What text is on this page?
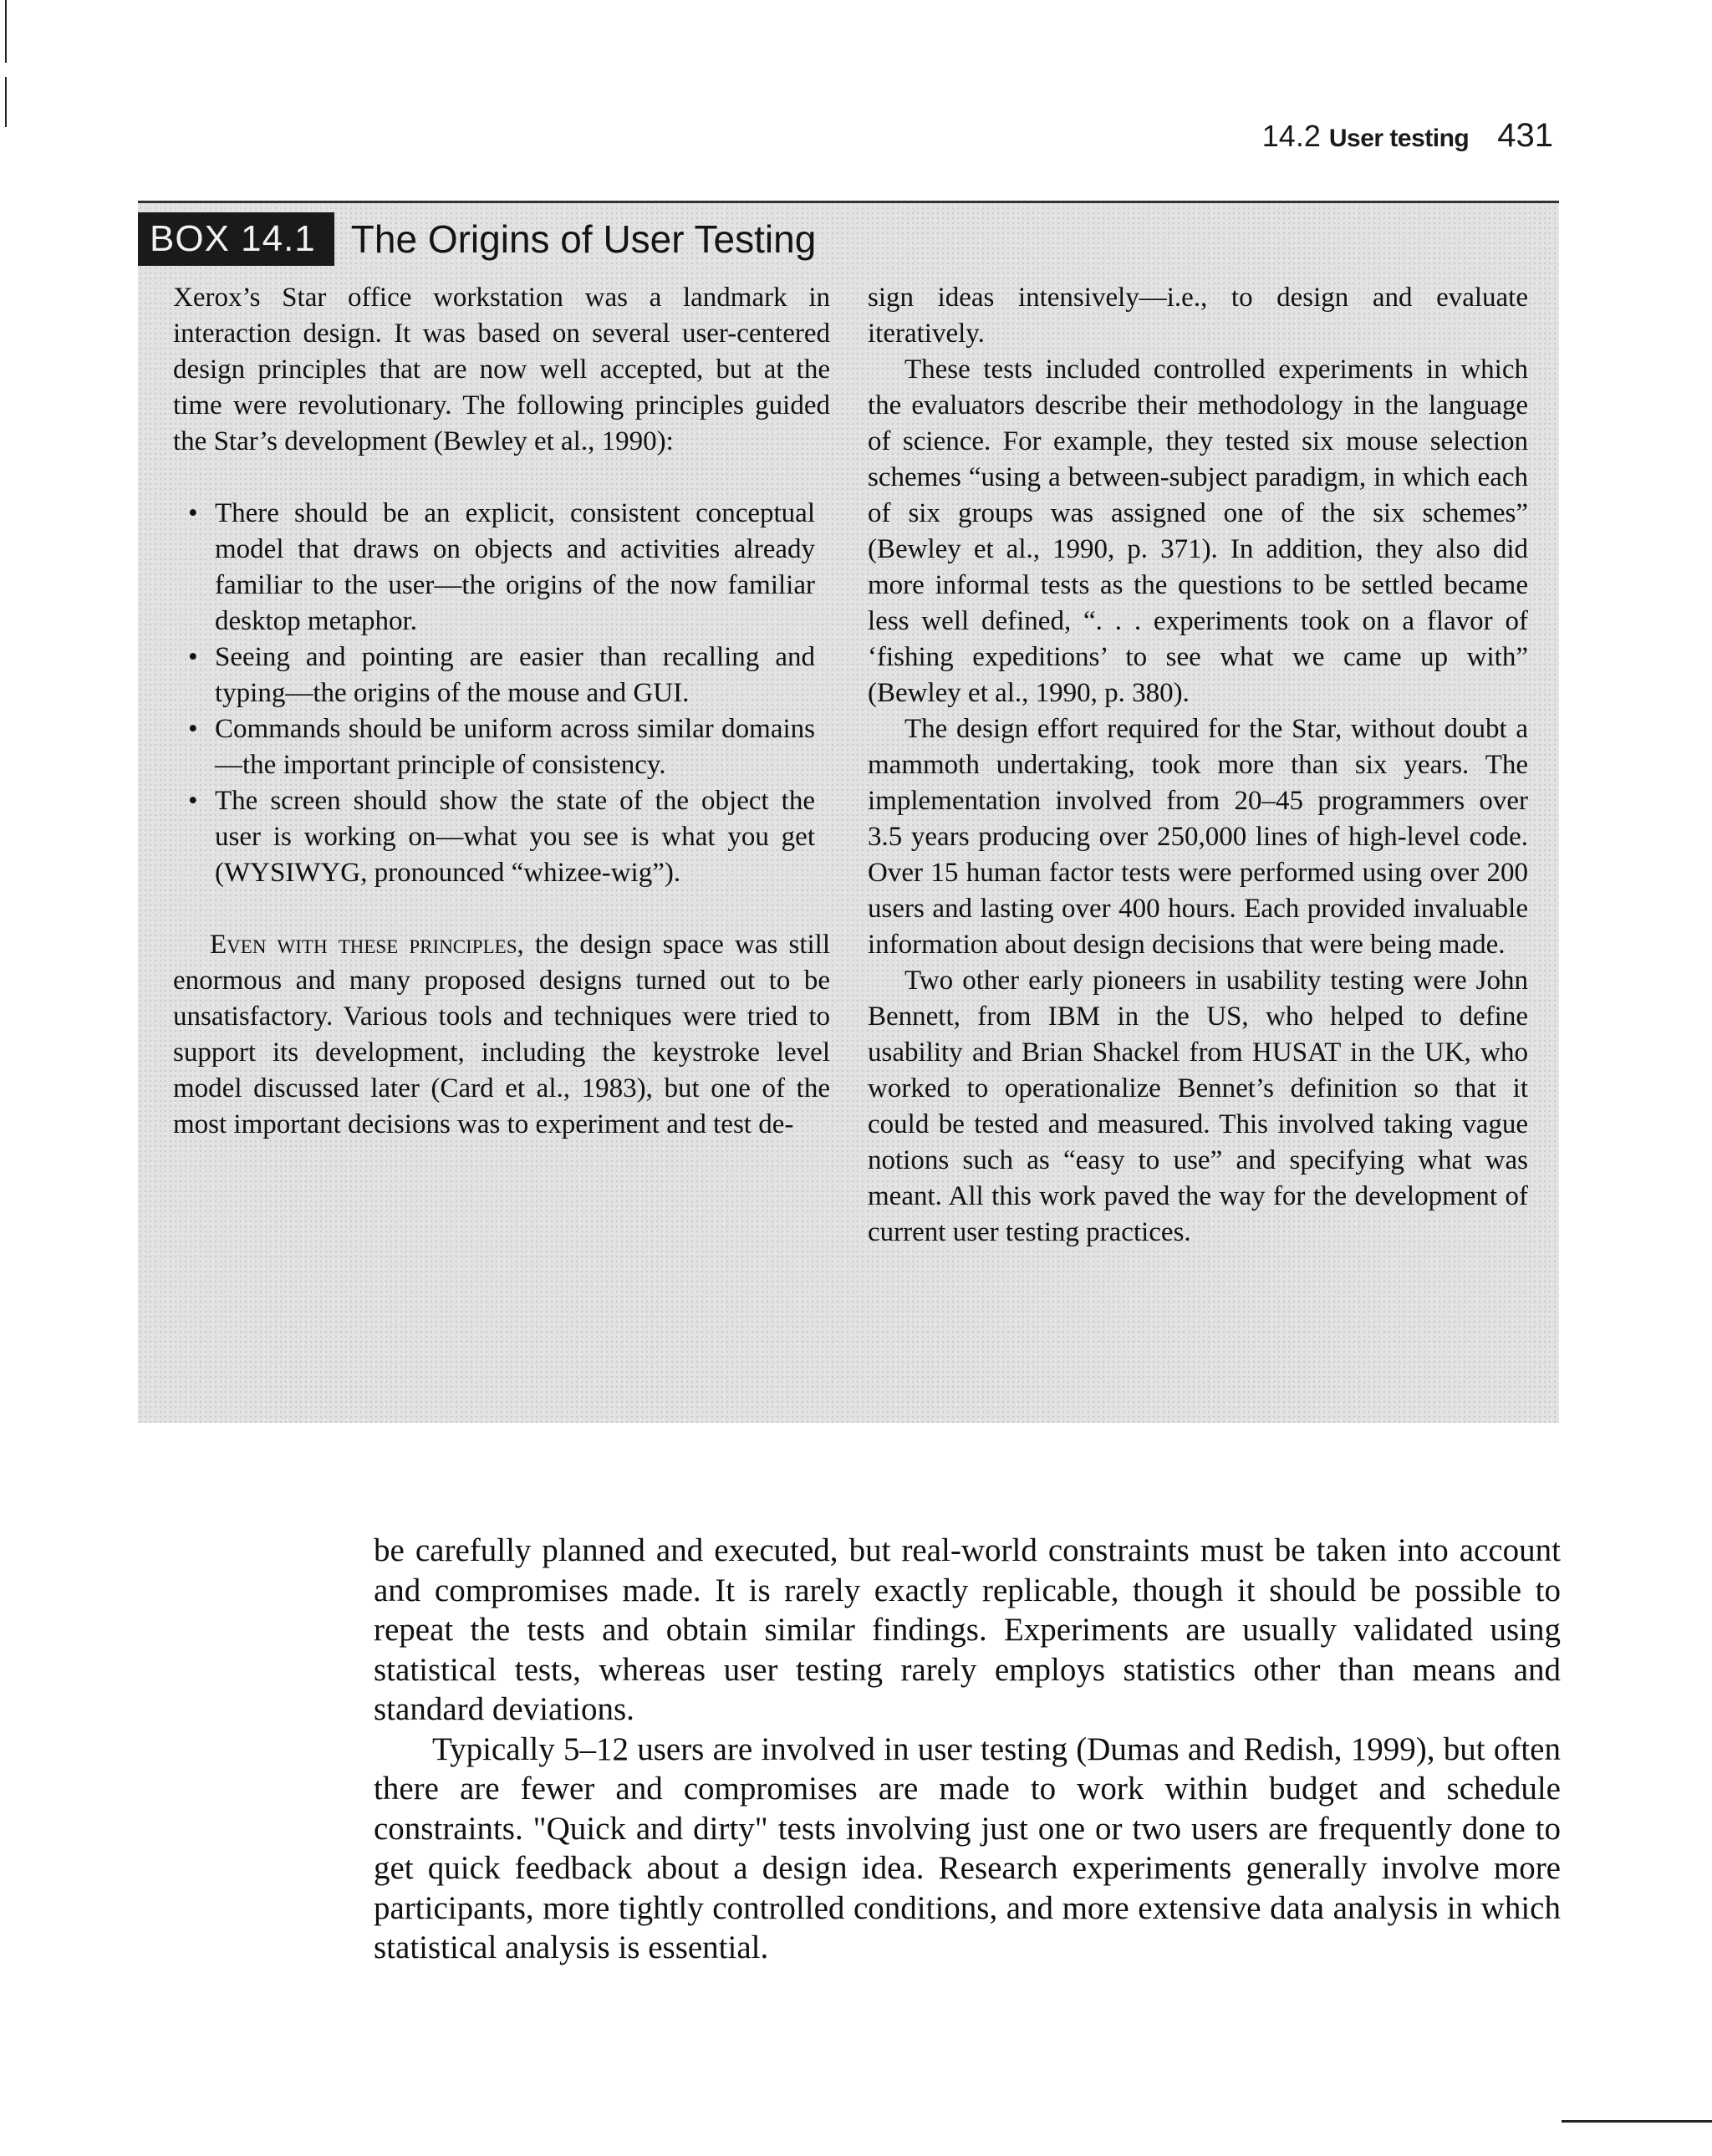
14.2 User testing 431
BOX 14.1 The Origins of User Testing

Xerox’s Star office workstation was a landmark in interaction design. It was based on several user-centered design principles that are now well accepted, but at the time were revolutionary. The following principles guided the Star’s development (Bewley et al., 1990):

• There should be an explicit, consistent conceptual model that draws on objects and activities already familiar to the user—the origins of the now familiar desktop metaphor.
• Seeing and pointing are easier than recalling and typing—the origins of the mouse and GUI.
• Commands should be uniform across similar domains—the important principle of consistency.
• The screen should show the state of the object the user is working on—what you see is what you get (WYSIWYG, pronounced “whizee-wig”).

Even with these principles, the design space was still enormous and many proposed designs turned out to be unsatisfactory. Various tools and techniques were tried to support its development, including the keystroke level model discussed later (Card et al., 1983), but one of the most important decisions was to experiment and test de-

sign ideas intensively—i.e., to design and evaluate iteratively.

These tests included controlled experiments in which the evaluators describe their methodology in the language of science. For example, they tested six mouse selection schemes “using a between-subject paradigm, in which each of six groups was assigned one of the six schemes” (Bewley et al., 1990, p. 371). In addition, they also did more informal tests as the questions to be settled became less well defined, “. . . experiments took on a flavor of ‘fishing expeditions’ to see what we came up with” (Bewley et al., 1990, p. 380).

The design effort required for the Star, without doubt a mammoth undertaking, took more than six years. The implementation involved from 20–45 programmers over 3.5 years producing over 250,000 lines of high-level code. Over 15 human factor tests were performed using over 200 users and lasting over 400 hours. Each provided invaluable information about design decisions that were being made.

Two other early pioneers in usability testing were John Bennett, from IBM in the US, who helped to define usability and Brian Shackel from HUSAT in the UK, who worked to operationalize Bennet’s definition so that it could be tested and measured. This involved taking vague notions such as “easy to use” and specifying what was meant. All this work paved the way for the development of current user testing practices.

be carefully planned and executed, but real-world constraints must be taken into account and compromises made. It is rarely exactly replicable, though it should be possible to repeat the tests and obtain similar findings. Experiments are usually validated using statistical tests, whereas user testing rarely employs statistics other than means and standard deviations.

Typically 5–12 users are involved in user testing (Dumas and Redish, 1999), but often there are fewer and compromises are made to work within budget and schedule constraints. "Quick and dirty" tests involving just one or two users are frequently done to get quick feedback about a design idea. Research experiments generally involve more participants, more tightly controlled conditions, and more extensive data analysis in which statistical analysis is essential.
